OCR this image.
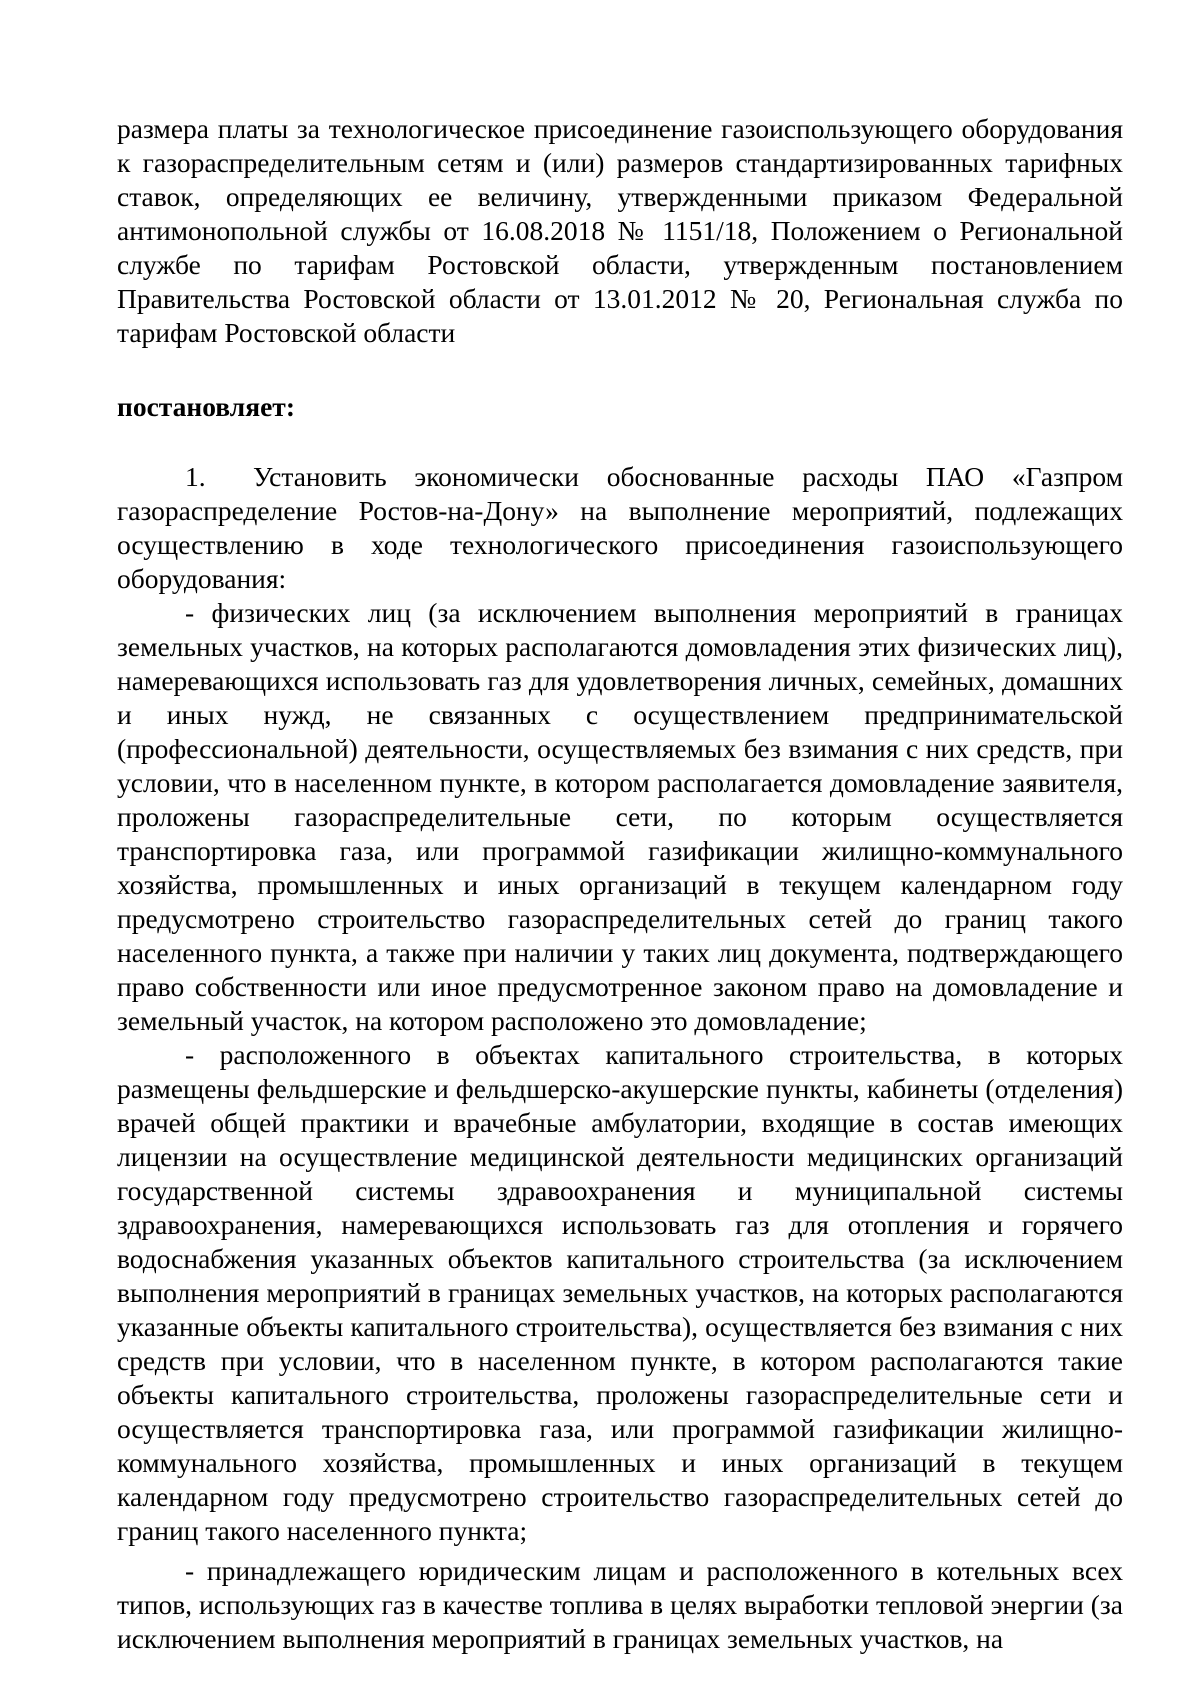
размера платы за технологическое присоединение газоиспользующего оборудования к газораспределительным сетям и (или) размеров стандартизированных тарифных ставок, определяющих ее величину, утвержденными приказом Федеральной антимонопольной службы от 16.08.2018 № 1151/18, Положением о Региональной службе по тарифам Ростовской области, утвержденным постановлением Правительства Ростовской области от 13.01.2012 № 20, Региональная служба по тарифам Ростовской области

постановляет:

1. Установить экономически обоснованные расходы ПАО «Газпром газораспределение Ростов-на-Дону» на выполнение мероприятий, подлежащих осуществлению в ходе технологического присоединения газоиспользующего оборудования:

- физических лиц (за исключением выполнения мероприятий в границах земельных участков, на которых располагаются домовладения этих физических лиц), намеревающихся использовать газ для удовлетворения личных, семейных, домашних и иных нужд, не связанных с осуществлением предпринимательской (профессиональной) деятельности, осуществляемых без взимания с них средств, при условии, что в населенном пункте, в котором располагается домовладение заявителя, проложены газораспределительные сети, по которым осуществляется транспортировка газа, или программой газификации жилищно-коммунального хозяйства, промышленных и иных организаций в текущем календарном году предусмотрено строительство газораспределительных сетей до границ такого населенного пункта, а также при наличии у таких лиц документа, подтверждающего право собственности или иное предусмотренное законом право на домовладение и земельный участок, на котором расположено это домовладение;

- расположенного в объектах капитального строительства, в которых размещены фельдшерские и фельдшерско-акушерские пункты, кабинеты (отделения) врачей общей практики и врачебные амбулатории, входящие в состав имеющих лицензии на осуществление медицинской деятельности медицинских организаций государственной системы здравоохранения и муниципальной системы здравоохранения, намеревающихся использовать газ для отопления и горячего водоснабжения указанных объектов капитального строительства (за исключением выполнения мероприятий в границах земельных участков, на которых располагаются указанные объекты капитального строительства), осуществляется без взимания с них средств при условии, что в населенном пункте, в котором располагаются такие объекты капитального строительства, проложены газораспределительные сети и осуществляется транспортировка газа, или программой газификации жилищно-коммунального хозяйства, промышленных и иных организаций в текущем календарном году предусмотрено строительство газораспределительных сетей до границ такого населенного пункта;

- принадлежащего юридическим лицам и расположенного в котельных всех типов, использующих газ в качестве топлива в целях выработки тепловой энергии (за исключением выполнения мероприятий в границах земельных участков, на
